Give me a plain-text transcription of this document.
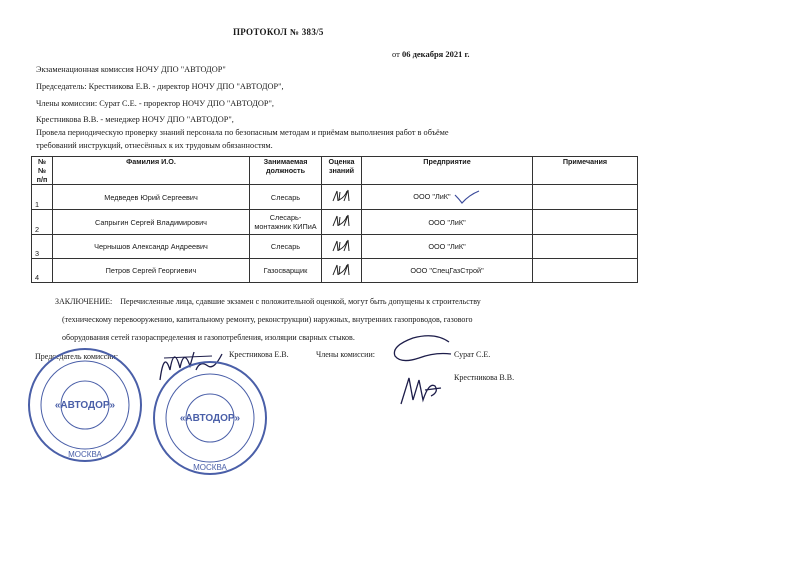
ПРОТОКОЛ № 383/5
от 06 декабря 2021 г.
Экзаменационная комиссия НОЧУ ДПО "АВТОДОР"
Председатель: Крестникова Е.В. - директор НОЧУ ДПО "АВТОДОР",
Члены комиссии: Сурат С.Е. - проректор НОЧУ ДПО "АВТОДОР",
Крестникова В.В. - менеджер НОЧУ ДПО "АВТОДОР",
Провела периодическую проверку знаний персонала по безопасным методам и приёмам выполнения работ в объёме
требований инструкций, отнесённых к их трудовым обязанностям.
№№ п/п	Фамилия И.О.	Занимаемая должность	Оценка знаний	Предприятие	Примечания
1	Медведев Юрий Сергеевич	Слесарь		ООО "ЛиК"	
2	Сапрыгин Сергей Владимирович	Слесарь-монтажник КИПиА		ООО "ЛиК"	
3	Чернышов Александр Андреевич	Слесарь		ООО "ЛиК"	
4	Петров Сергей Георгиевич	Газосварщик		ООО "СпецГазСтрой"	
ЗАКЛЮЧЕНИЕ: Перечисленные лица, сдавшие экзамен с положительной оценкой, могут быть допущены к строительству
(техническому перевооружению, капитальному ремонту, реконструкции) наружных, внутренних газопроводов, газового
оборудования сетей газораспределения и газопотребления, изоляции сварных стыков.
Председатель комиссии:	Крестникова Е.В.	Члены комиссии:	Сурат С.Е.
Крестникова В.В.
«АВТОДОР»
МОСКВА
«АВТОДОР»
МОСКВА
